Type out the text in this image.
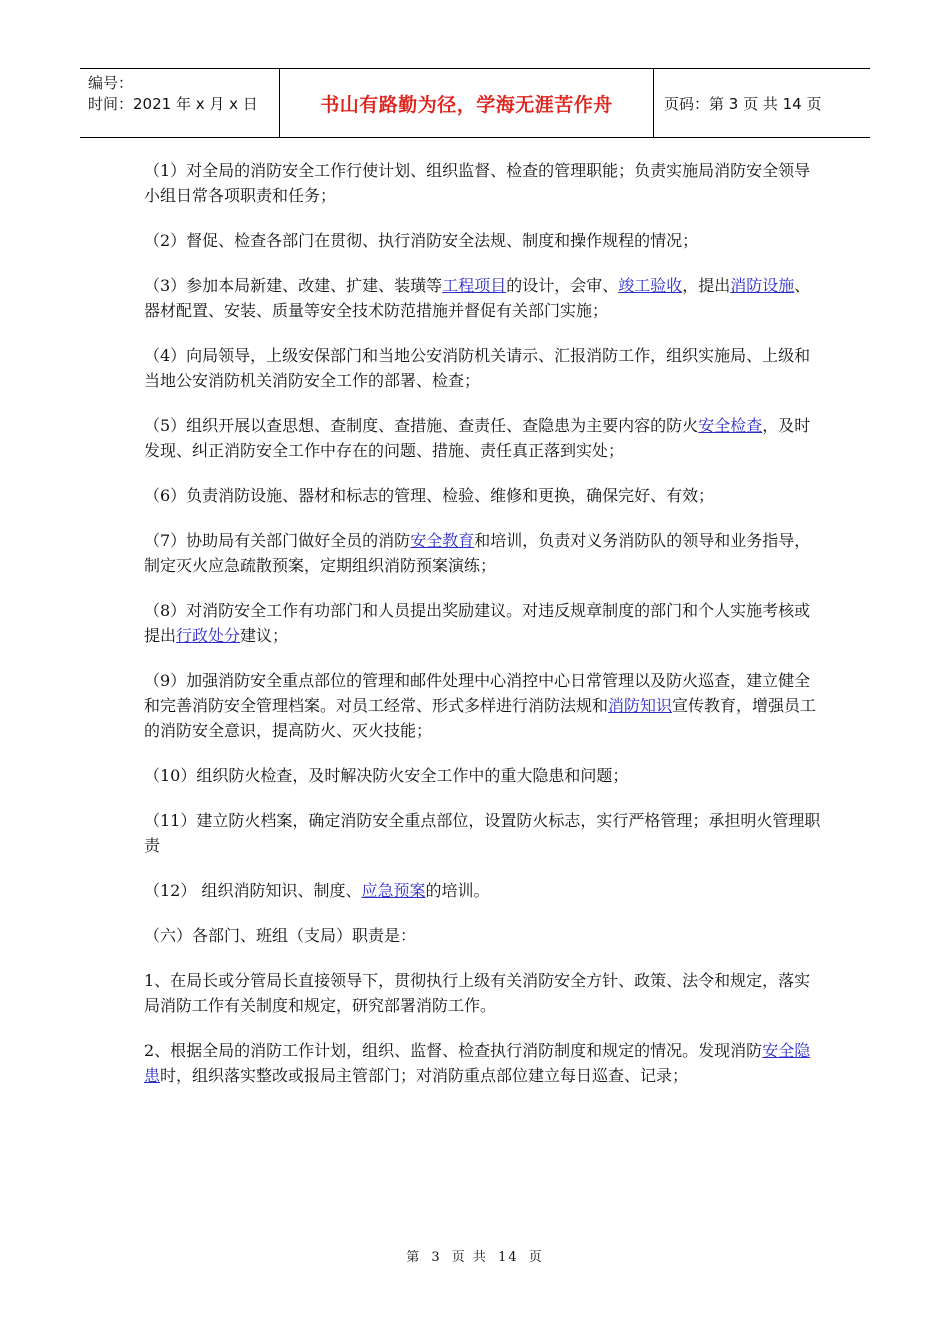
编号：
时间：2021 年 x 月 x 日	书山有路勤为径，学海无涯苦作舟	页码：第 3 页 共 14 页

（1）对全局的消防安全工作行使计划、组织监督、检查的管理职能；负责实施局消防安全领导小组日常各项职责和任务；

（2）督促、检查各部门在贯彻、执行消防安全法规、制度和操作规程的情况；

（3）参加本局新建、改建、扩建、装璜等工程项目的设计，会审、竣工验收，提出消防设施、器材配置、安装、质量等安全技术防范措施并督促有关部门实施；

（4）向局领导，上级安保部门和当地公安消防机关请示、汇报消防工作，组织实施局、上级和当地公安消防机关消防安全工作的部署、检查；

（5）组织开展以查思想、查制度、查措施、查责任、查隐患为主要内容的防火安全检查，及时发现、纠正消防安全工作中存在的问题、措施、责任真正落到实处；

（6）负责消防设施、器材和标志的管理、检验、维修和更换，确保完好、有效；

（7）协助局有关部门做好全员的消防安全教育和培训，负责对义务消防队的领导和业务指导，制定灭火应急疏散预案，定期组织消防预案演练；

（8）对消防安全工作有功部门和人员提出奖励建议。对违反规章制度的部门和个人实施考核或提出行政处分建议；

（9）加强消防安全重点部位的管理和邮件处理中心消控中心日常管理以及防火巡查，建立健全和完善消防安全管理档案。对员工经常、形式多样进行消防法规和消防知识宣传教育，增强员工的消防安全意识，提高防火、灭火技能；

（10）组织防火检查，及时解决防火安全工作中的重大隐患和问题；

（11）建立防火档案，确定消防安全重点部位，设置防火标志，实行严格管理；承担明火管理职责

（12） 组织消防知识、制度、应急预案的培训。

（六）各部门、班组（支局）职责是：

1、在局长或分管局长直接领导下，贯彻执行上级有关消防安全方针、政策、法令和规定，落实局消防工作有关制度和规定，研究部署消防工作。

2、根据全局的消防工作计划，组织、监督、检查执行消防制度和规定的情况。发现消防安全隐患时，组织落实整改或报局主管部门；对消防重点部位建立每日巡查、记录；

第 3 页 共 14 页
